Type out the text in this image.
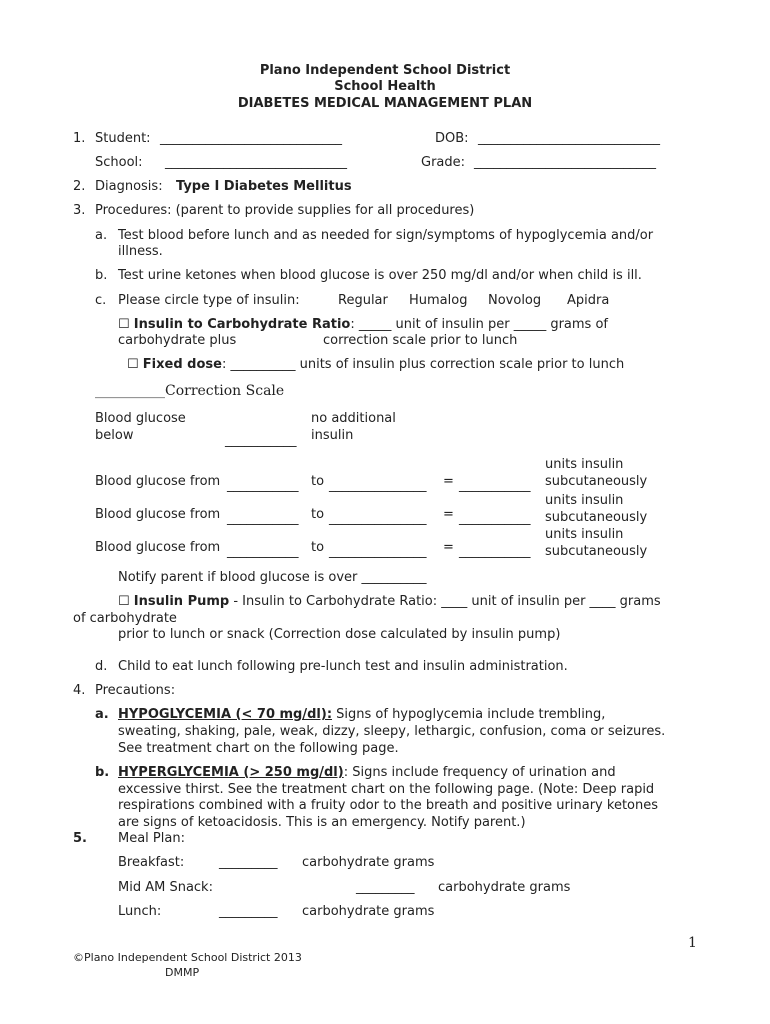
Plano Independent School District
School Health
DIABETES MEDICAL MANAGEMENT PLAN
1. Student: ____________________________	DOB: ____________________________
School: ____________________________	Grade: ____________________________
2. Diagnosis: Type I Diabetes Mellitus
3. Procedures: (parent to provide supplies for all procedures)
a. Test blood before lunch and as needed for sign/symptoms of hypoglycemia and/or
illness.
b. Test urine ketones when blood glucose is over 250 mg/dl and/or when child is ill.
c. Please circle type of insulin:	Regular Humalog Novolog Apidra
☐ Insulin to Carbohydrate Ratio: _____ unit of insulin per _____ grams of
carbohydrate plus	correction scale prior to lunch
☐ Fixed dose: __________ units of insulin plus correction scale prior to lunch
__________Correction Scale
Blood glucose
below	___________
no additional
insulin
Blood glucose from ___________ to _______________ = ___________
units insulin
subcutaneously
Blood glucose from ___________ to _______________ = ___________
units insulin
subcutaneously
Blood glucose from ___________ to _______________ = ___________
units insulin
subcutaneously
Notify parent if blood glucose is over __________
☐ Insulin Pump - Insulin to Carbohydrate Ratio: ____ unit of insulin per ____ grams
of carbohydrate
prior to lunch or snack (Correction dose calculated by insulin pump)
d. Child to eat lunch following pre-lunch test and insulin administration.
4. Precautions:
a. HYPOGLYCEMIA (< 70 mg/dl): Signs of hypoglycemia include trembling,
sweating, shaking, pale, weak, dizzy, sleepy, lethargic, confusion, coma or seizures.
See treatment chart on the following page.
b. HYPERGLYCEMIA (> 250 mg/dl): Signs include frequency of urination and
excessive thirst. See the treatment chart on the following page. (Note: Deep rapid
respirations combined with a fruity odor to the breath and positive urinary ketones
are signs of ketoacidosis. This is an emergency. Notify parent.)
5. Meal Plan:
Breakfast:	_________ carbohydrate grams
Mid AM Snack:	_________ carbohydrate grams
Lunch:	_________ carbohydrate grams
1
©Plano Independent School District 2013
DMMP
